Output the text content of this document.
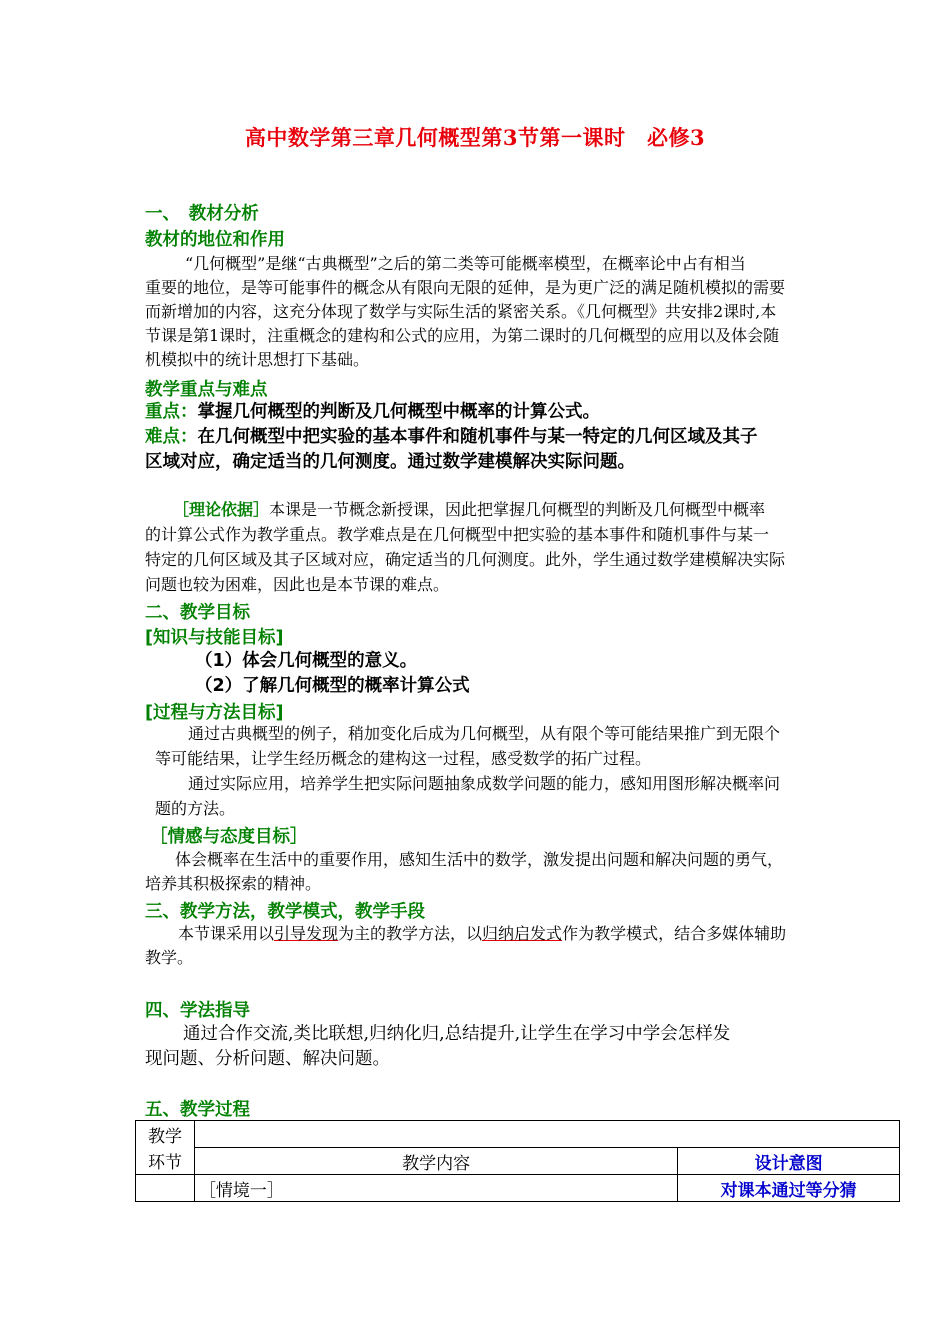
高中数学第三章几何概型第3节第一课时　必修3
一、　教材分析
教材的地位和作用
“几何概型”是继“古典概型”之后的第二类等可能概率模型，在概率论中占有相当
重要的地位，是等可能事件的概念从有限向无限的延伸，是为更广泛的满足随机模拟的需要
而新增加的内容，这充分体现了数学与实际生活的紧密关系。《几何概型》共安排2课时,本
节课是第1课时，注重概念的建构和公式的应用，为第二课时的几何概型的应用以及体会随
机模拟中的统计思想打下基础。
教学重点与难点
重点：掌握几何概型的判断及几何概型中概率的计算公式。
难点：在几何概型中把实验的基本事件和随机事件与某一特定的几何区域及其子
区域对应，确定适当的几何测度。通过数学建模解决实际问题。
［理论依据］本课是一节概念新授课，因此把掌握几何概型的判断及几何概型中概率
的计算公式作为教学重点。教学难点是在几何概型中把实验的基本事件和随机事件与某一
特定的几何区域及其子区域对应，确定适当的几何测度。此外，学生通过数学建模解决实际
问题也较为困难，因此也是本节课的难点。
二、教学目标
[知识与技能目标]
（1）体会几何概型的意义。
（2）了解几何概型的概率计算公式
[过程与方法目标]
通过古典概型的例子，稍加变化后成为几何概型，从有限个等可能结果推广到无限个
等可能结果，让学生经历概念的建构这一过程，感受数学的拓广过程。
通过实际应用，培养学生把实际问题抽象成数学问题的能力，感知用图形解决概率问
题的方法。
［情感与态度目标］
体会概率在生活中的重要作用，感知生活中的数学，激发提出问题和解决问题的勇气，
培养其积极探索的精神。
三、教学方法，教学模式，教学手段
本节课采用以引导发现为主的教学方法，以归纳启发式作为教学模式，结合多媒体辅助
教学。
四、学法指导
通过合作交流,类比联想,归纳化归,总结提升,让学生在学习中学会怎样发
现问题、分析问题、解决问题。
五、教学过程
教学		
环节	教学内容	设计意图
	［情境一］	对课本通过等分猜
